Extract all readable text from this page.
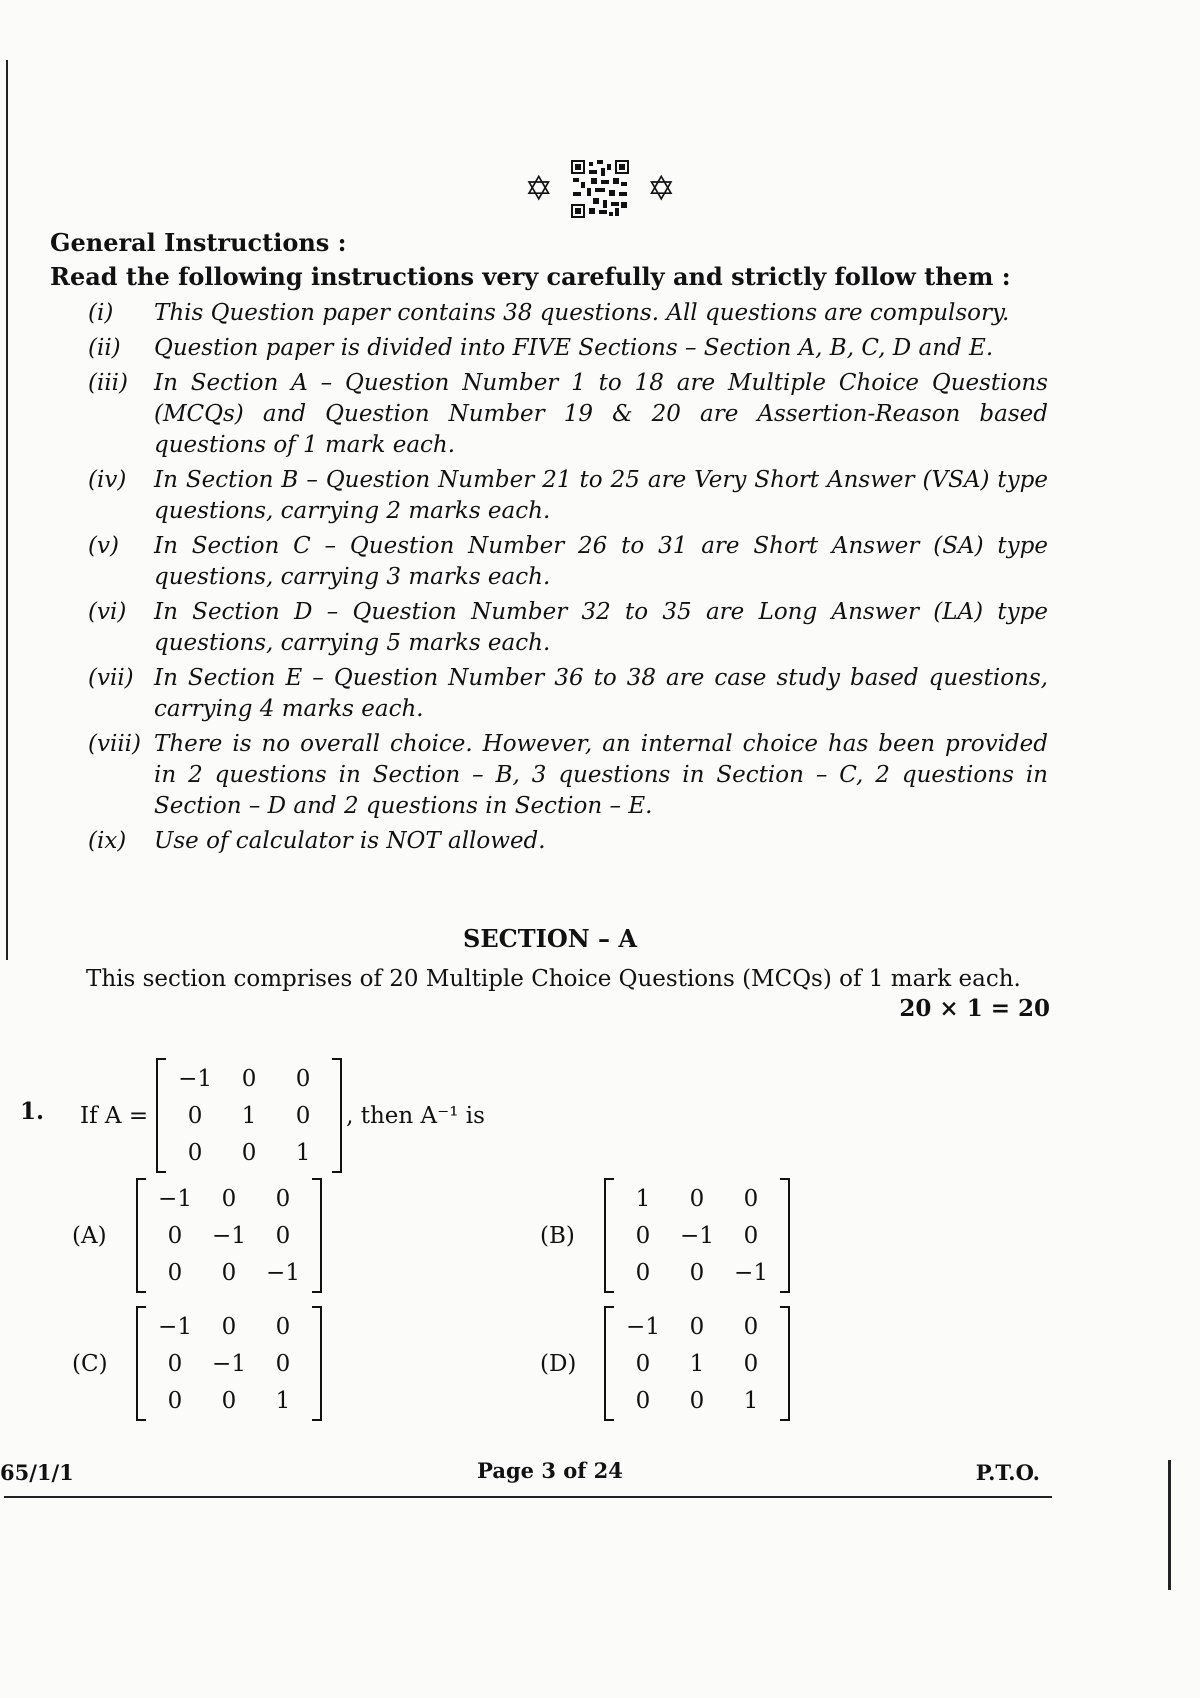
✡	✡
General Instructions :
Read the following instructions very carefully and strictly follow them :
(i)	This Question paper contains 38 questions. All questions are compulsory.
(ii)	Question paper is divided into FIVE Sections – Section A, B, C, D and E.
(iii)	In Section A – Question Number 1 to 18 are Multiple Choice Questions (MCQs) and Question Number 19 & 20 are Assertion-Reason based questions of 1 mark each.
(iv)	In Section B – Question Number 21 to 25 are Very Short Answer (VSA) type questions, carrying 2 marks each.
(v)	In Section C – Question Number 26 to 31 are Short Answer (SA) type questions, carrying 3 marks each.
(vi)	In Section D – Question Number 32 to 35 are Long Answer (LA) type questions, carrying 5 marks each.
(vii) In Section E – Question Number 36 to 38 are case study based questions, carrying 4 marks each.
(viii) There is no overall choice. However, an internal choice has been provided in 2 questions in Section – B, 3 questions in Section – C, 2 questions in Section – D and 2 questions in Section – E.
(ix)	Use of calculator is NOT allowed.
SECTION – A
This section comprises of 20 Multiple Choice Questions (MCQs) of 1 mark each.
20 × 1 = 20
1. If A =
−1 0 0
0 1 0
0 0 1
, then A⁻¹ is
(A)
−1 0 0
0 −1 0
0 0 −1
(B)
1 0 0
0 −1 0
0 0 −1
(C)
−1 0 0
0 −1 0
0 0 1
(D)
−1 0 0
0 1 0
0 0 1
65/1/1	Page 3 of 24	P.T.O.
